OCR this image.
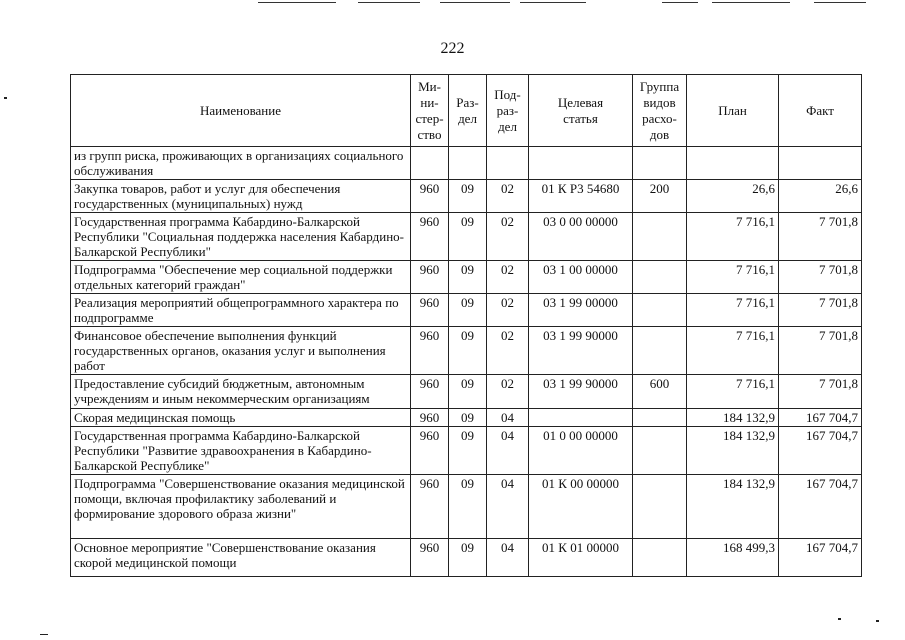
222
Наименование	Ми-
ни-
стер-
ство	Раз-
дел	Под-
раз-
дел	Целевая
статья	Группа
видов
расхо-
дов	План	Факт
из групп риска, проживающих в организациях социального обслуживания							
Закупка товаров, работ и услуг для обеспечения государственных (муниципальных) нужд	960	09	02	01 К Р3 54680	200	26,6	26,6
Государственная программа Кабардино-Балкарской Республики "Социальная поддержка населения Кабардино-Балкарской Республики"	960	09	02	03 0 00 00000		7 716,1	7 701,8
Подпрограмма "Обеспечение мер социальной поддержки отдельных категорий граждан"	960	09	02	03 1 00 00000		7 716,1	7 701,8
Реализация мероприятий общепрограммного характера по подпрограмме	960	09	02	03 1 99 00000		7 716,1	7 701,8
Финансовое обеспечение выполнения функций государственных органов, оказания услуг и выполнения работ	960	09	02	03 1 99 90000		7 716,1	7 701,8
Предоставление субсидий бюджетным, автономным учреждениям и иным некоммерческим организациям	960	09	02	03 1 99 90000	600	7 716,1	7 701,8
Скорая медицинская помощь	960	09	04			184 132,9	167 704,7
Государственная программа Кабардино-Балкарской Республики "Развитие здравоохранения в Кабардино-Балкарской Республике"	960	09	04	01 0 00 00000		184 132,9	167 704,7
Подпрограмма "Совершенствование оказания медицинской помощи, включая профилактику заболеваний и формирование здорового образа жизни"	960	09	04	01 К 00 00000		184 132,9	167 704,7
Основное мероприятие "Совершенствование оказания скорой медицинской помощи	960	09	04	01 К 01 00000		168 499,3	167 704,7
